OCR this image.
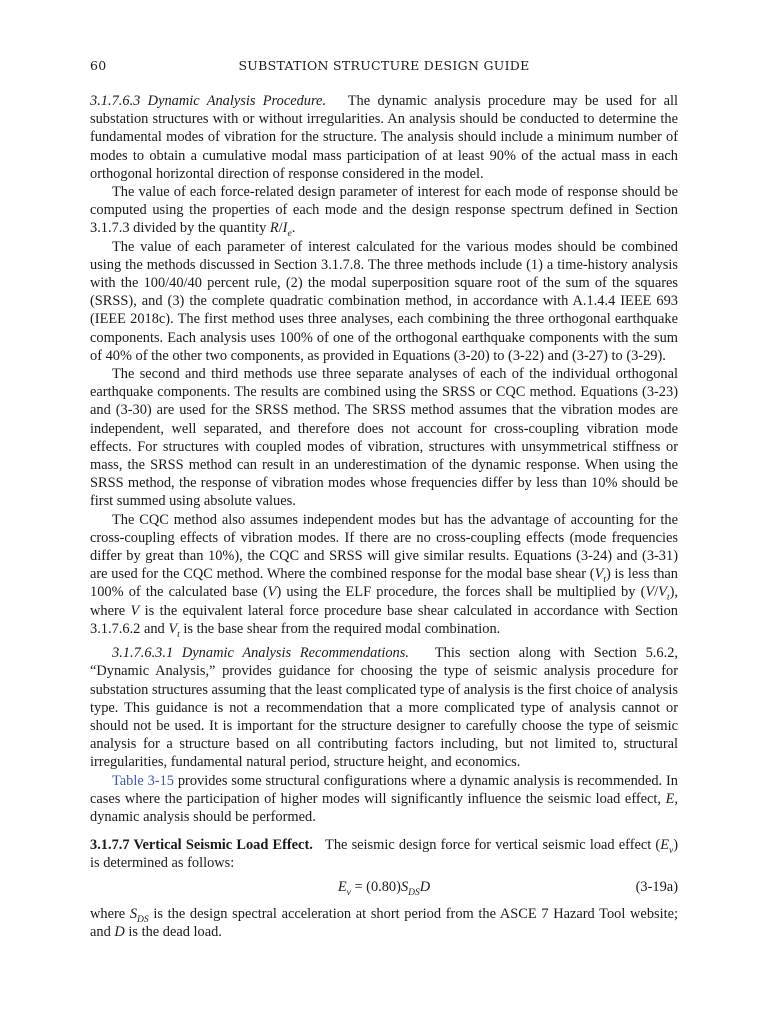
60	SUBSTATION STRUCTURE DESIGN GUIDE

3.1.7.6.3 Dynamic Analysis Procedure. The dynamic analysis procedure may be used for all substation structures with or without irregularities. An analysis should be conducted to determine the fundamental modes of vibration for the structure. The analysis should include a minimum number of modes to obtain a cumulative modal mass participation of at least 90% of the actual mass in each orthogonal horizontal direction of response considered in the model.

The value of each force-related design parameter of interest for each mode of response should be computed using the properties of each mode and the design response spectrum defined in Section 3.1.7.3 divided by the quantity $R/I_e$.

The value of each parameter of interest calculated for the various modes should be combined using the methods discussed in Section 3.1.7.8. The three methods include (1) a time-history analysis with the 100/40/40 percent rule, (2) the modal superposition square root of the sum of the squares (SRSS), and (3) the complete quadratic combination method, in accordance with A.1.4.4 IEEE 693 (IEEE 2018c). The first method uses three analyses, each combining the three orthogonal earthquake components. Each analysis uses 100% of one of the orthogonal earthquake components with the sum of 40% of the other two components, as provided in Equations (3-20) to (3-22) and (3-27) to (3-29).

The second and third methods use three separate analyses of each of the individual orthogonal earthquake components. The results are combined using the SRSS or CQC method. Equations (3-23) and (3-30) are used for the SRSS method. The SRSS method assumes that the vibration modes are independent, well separated, and therefore does not account for cross-coupling vibration mode effects. For structures with coupled modes of vibration, structures with unsymmetrical stiffness or mass, the SRSS method can result in an underestimation of the dynamic response. When using the SRSS method, the response of vibration modes whose frequencies differ by less than 10% should be first summed using absolute values.

The CQC method also assumes independent modes but has the advantage of accounting for the cross-coupling effects of vibration modes. If there are no cross-coupling effects (mode frequencies differ by great than 10%), the CQC and SRSS will give similar results. Equations (3-24) and (3-31) are used for the CQC method. Where the combined response for the modal base shear $(V_t)$ is less than 100% of the calculated base (V) using the ELF procedure, the forces shall be multiplied by $(V/V_t)$, where V is the equivalent lateral force procedure base shear calculated in accordance with Section 3.1.7.6.2 and $V_t$ is the base shear from the required modal combination.

3.1.7.6.3.1 Dynamic Analysis Recommendations. This section along with Section 5.6.2, “Dynamic Analysis,” provides guidance for choosing the type of seismic analysis procedure for substation structures assuming that the least complicated type of analysis is the first choice of analysis type. This guidance is not a recommendation that a more complicated type of analysis cannot or should not be used. It is important for the structure designer to carefully choose the type of seismic analysis for a structure based on all contributing factors including, but not limited to, structural irregularities, fundamental natural period, structure height, and economics.

Table 3-15 provides some structural configurations where a dynamic analysis is recommended. In cases where the participation of higher modes will significantly influence the seismic load effect, E, dynamic analysis should be performed.

3.1.7.7 Vertical Seismic Load Effect. The seismic design force for vertical seismic load effect $(E_v)$ is determined as follows:

$E_v = (0.80)S_{DS}D$	(3-19a)

where $S_{DS}$ is the design spectral acceleration at short period from the ASCE 7 Hazard Tool website; and D is the dead load.
